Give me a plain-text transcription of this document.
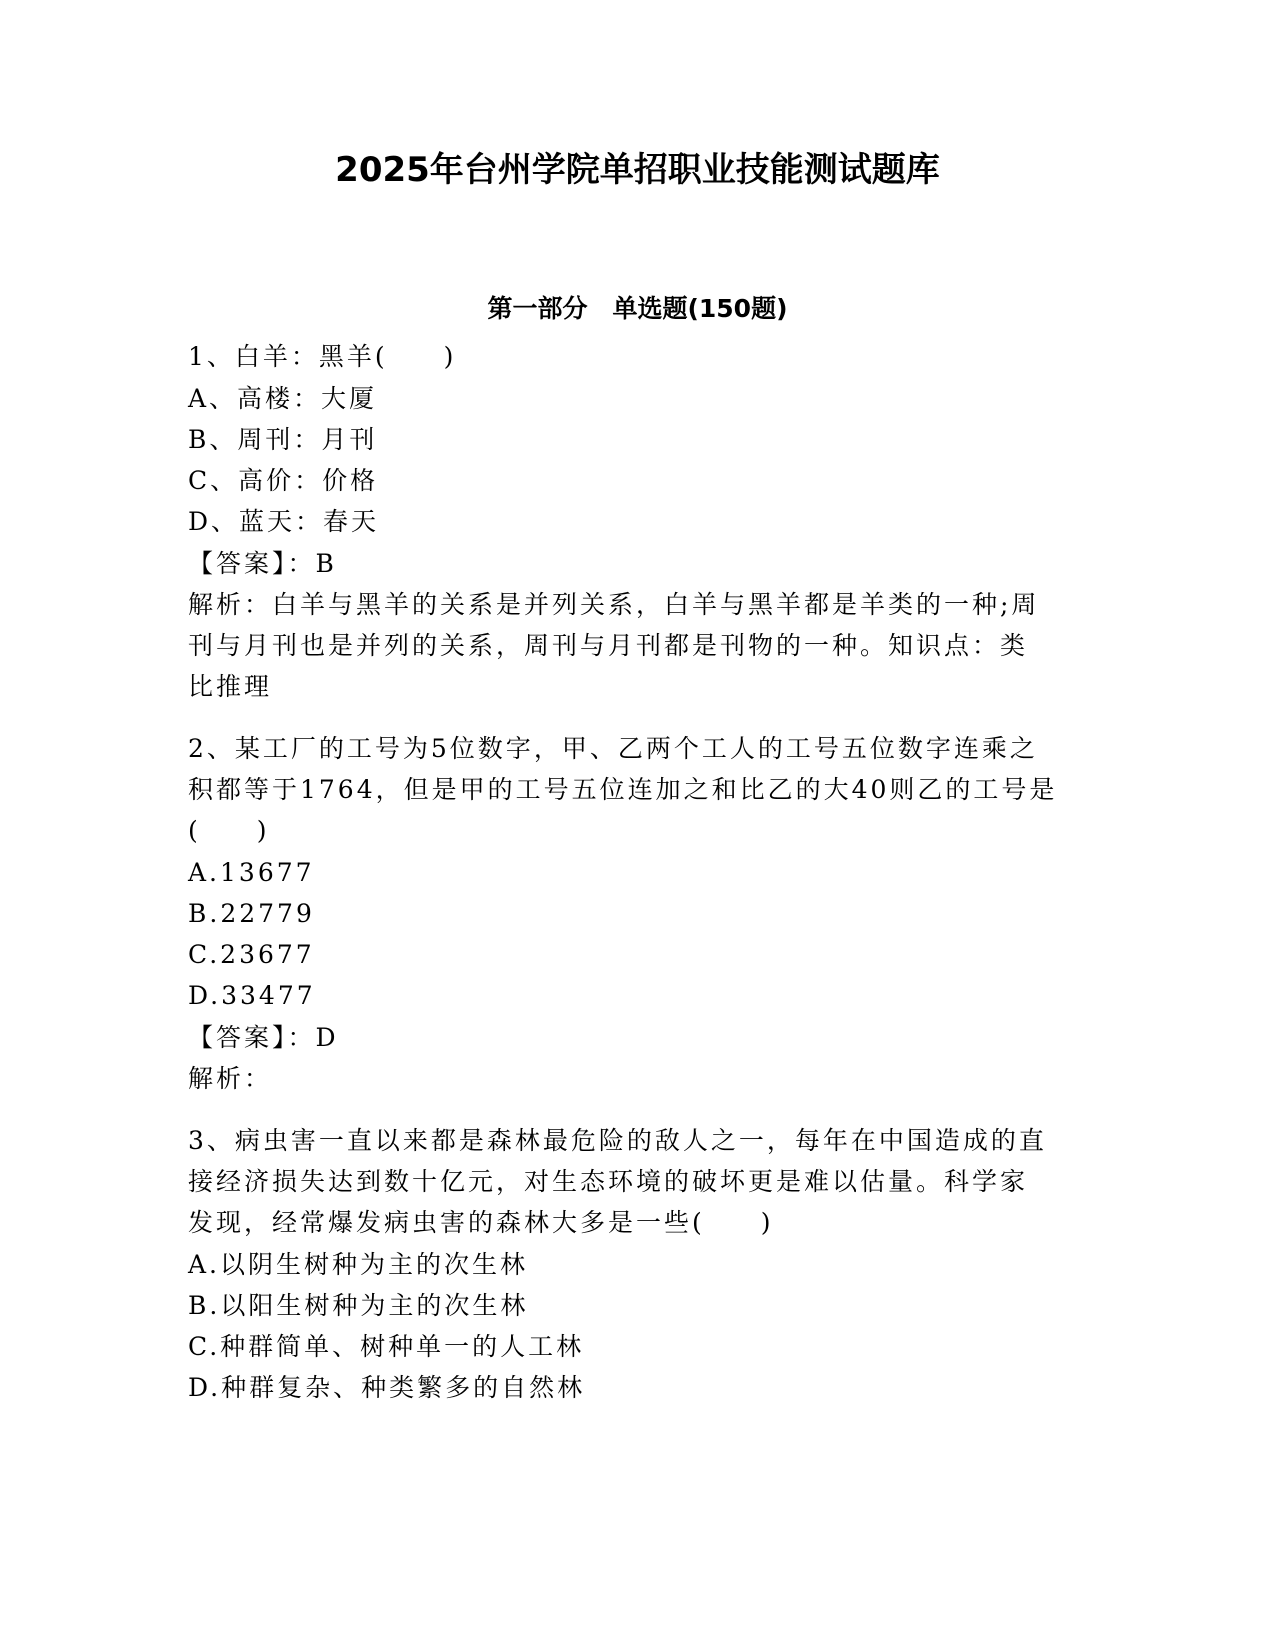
2025年台州学院单招职业技能测试题库
第一部分　单选题(150题)

1、白羊：黑羊(　　)

A、高楼：大厦

B、周刊：月刊

C、高价：价格

D、蓝天：春天

【答案】：B

解析：白羊与黑羊的关系是并列关系，白羊与黑羊都是羊类的一种;周

刊与月刊也是并列的关系，周刊与月刊都是刊物的一种。知识点：类

比推理

2、某工厂的工号为5位数字，甲、乙两个工人的工号五位数字连乘之

积都等于1764，但是甲的工号五位连加之和比乙的大40则乙的工号是

(　　)

A.13677

B.22779

C.23677

D.33477

【答案】：D

解析：

3、病虫害一直以来都是森林最危险的敌人之一，每年在中国造成的直

接经济损失达到数十亿元，对生态环境的破坏更是难以估量。科学家

发现，经常爆发病虫害的森林大多是一些(　　)

A.以阴生树种为主的次生林

B.以阳生树种为主的次生林

C.种群简单、树种单一的人工林

D.种群复杂、种类繁多的自然林
